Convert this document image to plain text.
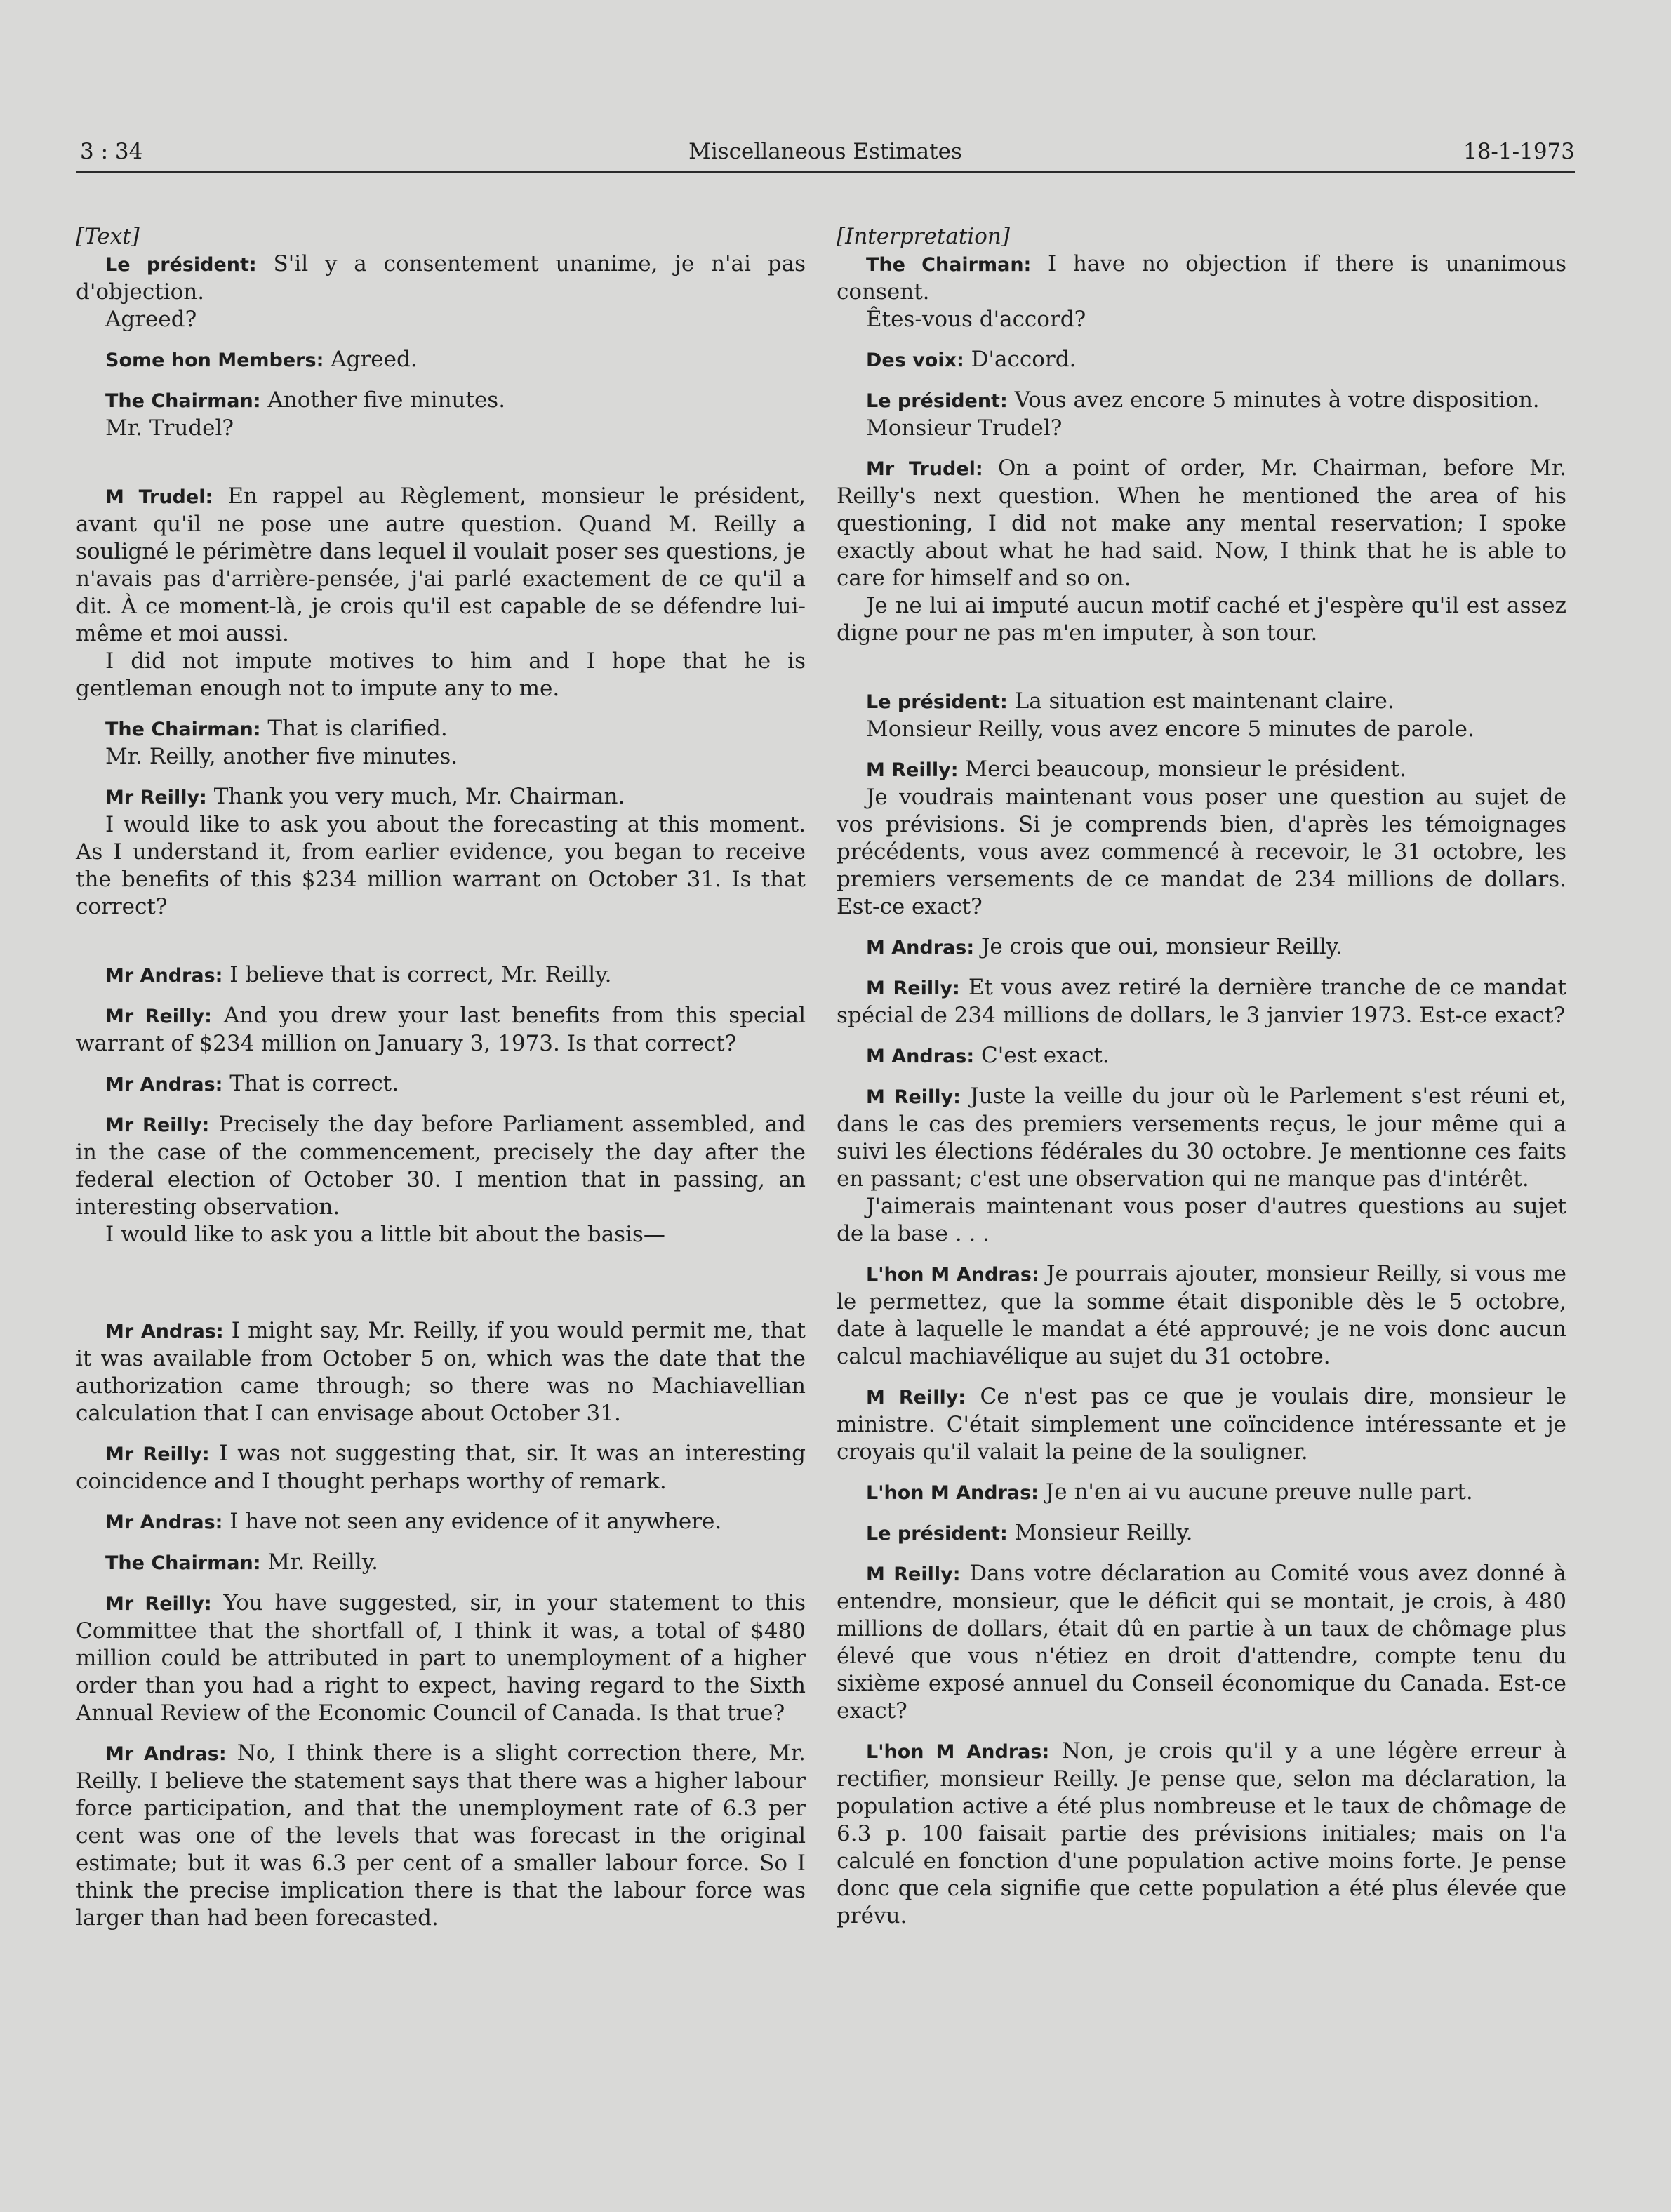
3 : 34	Miscellaneous Estimates	18-1-1973

[Text]

Le président: S'il y a consentement unanime, je n'ai pas d'objection.

Agreed?

Some hon Members: Agreed.

The Chairman: Another five minutes.

Mr. Trudel?

M Trudel: En rappel au Règlement, monsieur le président, avant qu'il ne pose une autre question. Quand M. Reilly a souligné le périmètre dans lequel il voulait poser ses questions, je n'avais pas d'arrière-pensée, j'ai parlé exactement de ce qu'il a dit. À ce moment-là, je crois qu'il est capable de se défendre lui-même et moi aussi.

I did not impute motives to him and I hope that he is gentleman enough not to impute any to me.

The Chairman: That is clarified.

Mr. Reilly, another five minutes.

Mr Reilly: Thank you very much, Mr. Chairman.

I would like to ask you about the forecasting at this moment. As I understand it, from earlier evidence, you began to receive the benefits of this $234 million warrant on October 31. Is that correct?

Mr Andras: I believe that is correct, Mr. Reilly.

Mr Reilly: And you drew your last benefits from this special warrant of $234 million on January 3, 1973. Is that correct?

Mr Andras: That is correct.

Mr Reilly: Precisely the day before Parliament assembled, and in the case of the commencement, precisely the day after the federal election of October 30. I mention that in passing, an interesting observation.

I would like to ask you a little bit about the basis—

Mr Andras: I might say, Mr. Reilly, if you would permit me, that it was available from October 5 on, which was the date that the authorization came through; so there was no Machiavellian calculation that I can envisage about October 31.

Mr Reilly: I was not suggesting that, sir. It was an interesting coincidence and I thought perhaps worthy of remark.

Mr Andras: I have not seen any evidence of it anywhere.

The Chairman: Mr. Reilly.

Mr Reilly: You have suggested, sir, in your statement to this Committee that the shortfall of, I think it was, a total of $480 million could be attributed in part to unemployment of a higher order than you had a right to expect, having regard to the Sixth Annual Review of the Economic Council of Canada. Is that true?

Mr Andras: No, I think there is a slight correction there, Mr. Reilly. I believe the statement says that there was a higher labour force participation, and that the unemployment rate of 6.3 per cent was one of the levels that was forecast in the original estimate; but it was 6.3 per cent of a smaller labour force. So I think the precise implication there is that the labour force was larger than had been forecasted.

[Interpretation]

The Chairman: I have no objection if there is unanimous consent.

Êtes-vous d'accord?

Des voix: D'accord.

Le président: Vous avez encore 5 minutes à votre disposition.

Monsieur Trudel?

Mr Trudel: On a point of order, Mr. Chairman, before Mr. Reilly's next question. When he mentioned the area of his questioning, I did not make any mental reservation; I spoke exactly about what he had said. Now, I think that he is able to care for himself and so on.

Je ne lui ai imputé aucun motif caché et j'espère qu'il est assez digne pour ne pas m'en imputer, à son tour.

Le président: La situation est maintenant claire.

Monsieur Reilly, vous avez encore 5 minutes de parole.

M Reilly: Merci beaucoup, monsieur le président.

Je voudrais maintenant vous poser une question au sujet de vos prévisions. Si je comprends bien, d'après les témoignages précédents, vous avez commencé à recevoir, le 31 octobre, les premiers versements de ce mandat de 234 millions de dollars. Est-ce exact?

M Andras: Je crois que oui, monsieur Reilly.

M Reilly: Et vous avez retiré la dernière tranche de ce mandat spécial de 234 millions de dollars, le 3 janvier 1973. Est-ce exact?

M Andras: C'est exact.

M Reilly: Juste la veille du jour où le Parlement s'est réuni et, dans le cas des premiers versements reçus, le jour même qui a suivi les élections fédérales du 30 octobre. Je mentionne ces faits en passant; c'est une observation qui ne manque pas d'intérêt.

J'aimerais maintenant vous poser d'autres questions au sujet de la base . . .

L'hon M Andras: Je pourrais ajouter, monsieur Reilly, si vous me le permettez, que la somme était disponible dès le 5 octobre, date à laquelle le mandat a été approuvé; je ne vois donc aucun calcul machiavélique au sujet du 31 octobre.

M Reilly: Ce n'est pas ce que je voulais dire, monsieur le ministre. C'était simplement une coïncidence intéressante et je croyais qu'il valait la peine de la souligner.

L'hon M Andras: Je n'en ai vu aucune preuve nulle part.

Le président: Monsieur Reilly.

M Reilly: Dans votre déclaration au Comité vous avez donné à entendre, monsieur, que le déficit qui se montait, je crois, à 480 millions de dollars, était dû en partie à un taux de chômage plus élevé que vous n'étiez en droit d'attendre, compte tenu du sixième exposé annuel du Conseil économique du Canada. Est-ce exact?

L'hon M Andras: Non, je crois qu'il y a une légère erreur à rectifier, monsieur Reilly. Je pense que, selon ma déclaration, la population active a été plus nombreuse et le taux de chômage de 6.3 p. 100 faisait partie des prévisions initiales; mais on l'a calculé en fonction d'une population active moins forte. Je pense donc que cela signifie que cette population a été plus élevée que prévu.
